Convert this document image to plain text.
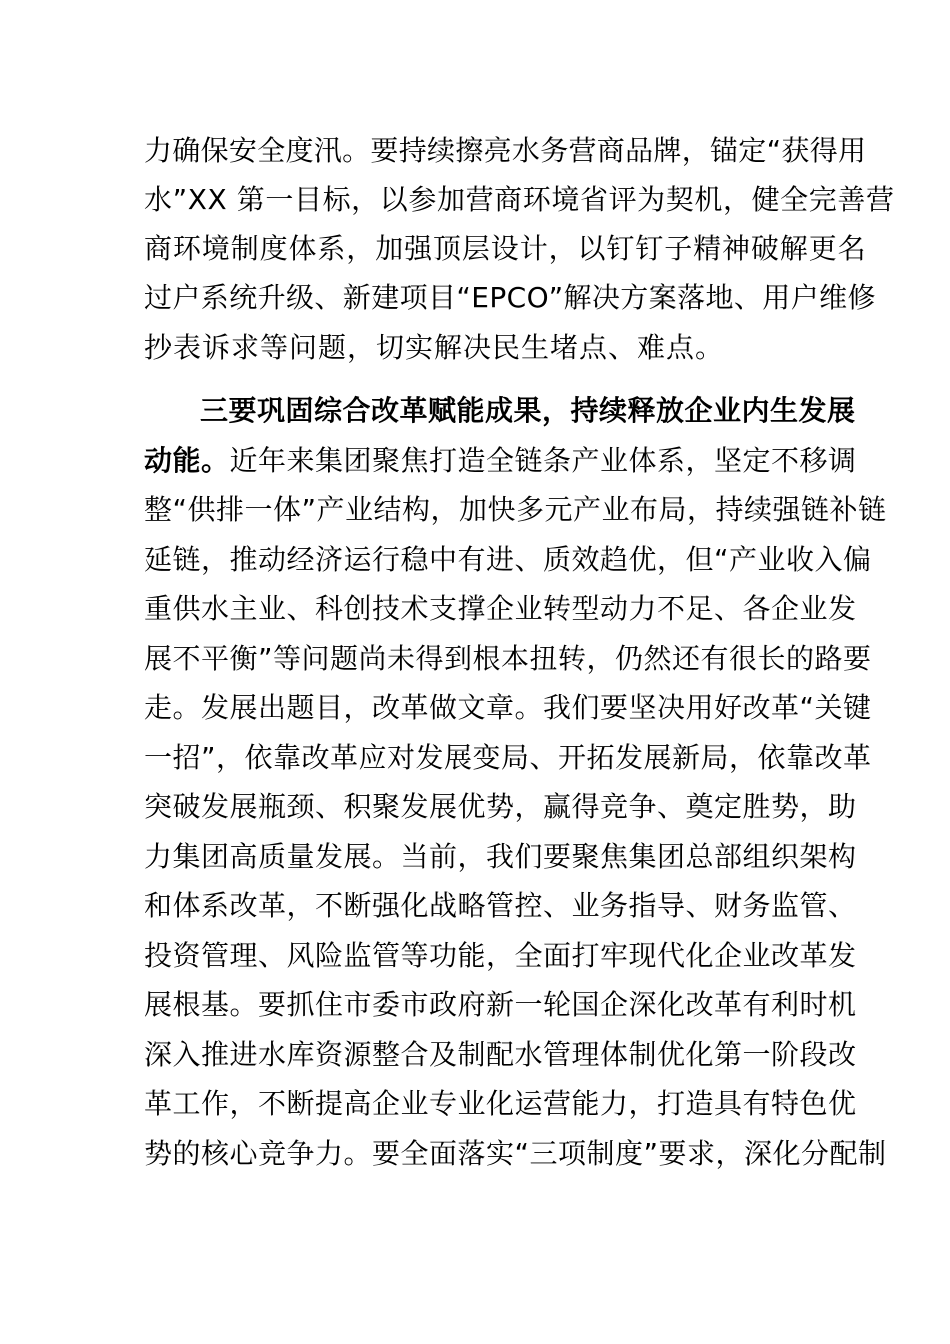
力确保安全度汛。要持续擦亮水务营商品牌，锚定“获得用
水”XX 第一目标，以参加营商环境省评为契机，健全完善营
商环境制度体系，加强顶层设计，以钉钉子精神破解更名
过户系统升级、新建项目“EPCO”解决方案落地、用户维修
抄表诉求等问题，切实解决民生堵点、难点。
三要巩固综合改革赋能成果，持续释放企业内生发展
动能。近年来集团聚焦打造全链条产业体系，坚定不移调
整“供排一体”产业结构，加快多元产业布局，持续强链补链
延链，推动经济运行稳中有进、质效趋优，但“产业收入偏
重供水主业、科创技术支撑企业转型动力不足、各企业发
展不平衡”等问题尚未得到根本扭转，仍然还有很长的路要
走。发展出题目，改革做文章。我们要坚决用好改革“关键
一招”，依靠改革应对发展变局、开拓发展新局，依靠改革
突破发展瓶颈、积聚发展优势，赢得竞争、奠定胜势，助
力集团高质量发展。当前，我们要聚焦集团总部组织架构
和体系改革，不断强化战略管控、业务指导、财务监管、
投资管理、风险监管等功能，全面打牢现代化企业改革发
展根基。要抓住市委市政府新一轮国企深化改革有利时机
深入推进水库资源整合及制配水管理体制优化第一阶段改
革工作，不断提高企业专业化运营能力，打造具有特色优
势的核心竞争力。要全面落实“三项制度”要求，深化分配制
